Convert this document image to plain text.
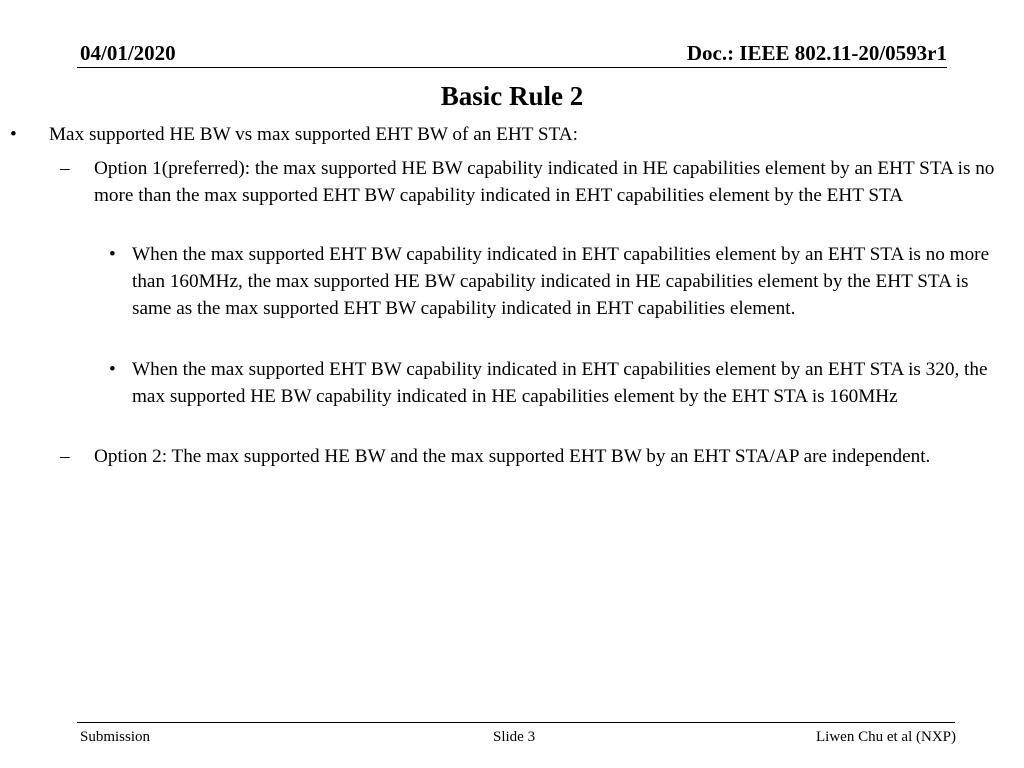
04/01/2020	Doc.: IEEE 802.11-20/0593r1
Basic Rule 2
• Max supported HE BW vs max supported EHT BW of an EHT STA:
– Option 1(preferred): the max supported HE BW capability indicated in HE capabilities element by an EHT STA is no more than the max supported EHT BW capability indicated in EHT capabilities element by the EHT STA
• When the max supported EHT BW capability indicated in EHT capabilities element by an EHT STA is no more than 160MHz, the max supported HE BW capability indicated in HE capabilities element by the EHT STA is same as the max supported EHT BW capability indicated in EHT capabilities element.
• When the max supported EHT BW capability indicated in EHT capabilities element by an EHT STA is 320, the max supported HE BW capability indicated in HE capabilities element by the EHT STA is 160MHz
– Option 2: The max supported HE BW and the max supported EHT BW by an EHT STA/AP are independent.
Submission	Slide 3	Liwen Chu et al (NXP)
